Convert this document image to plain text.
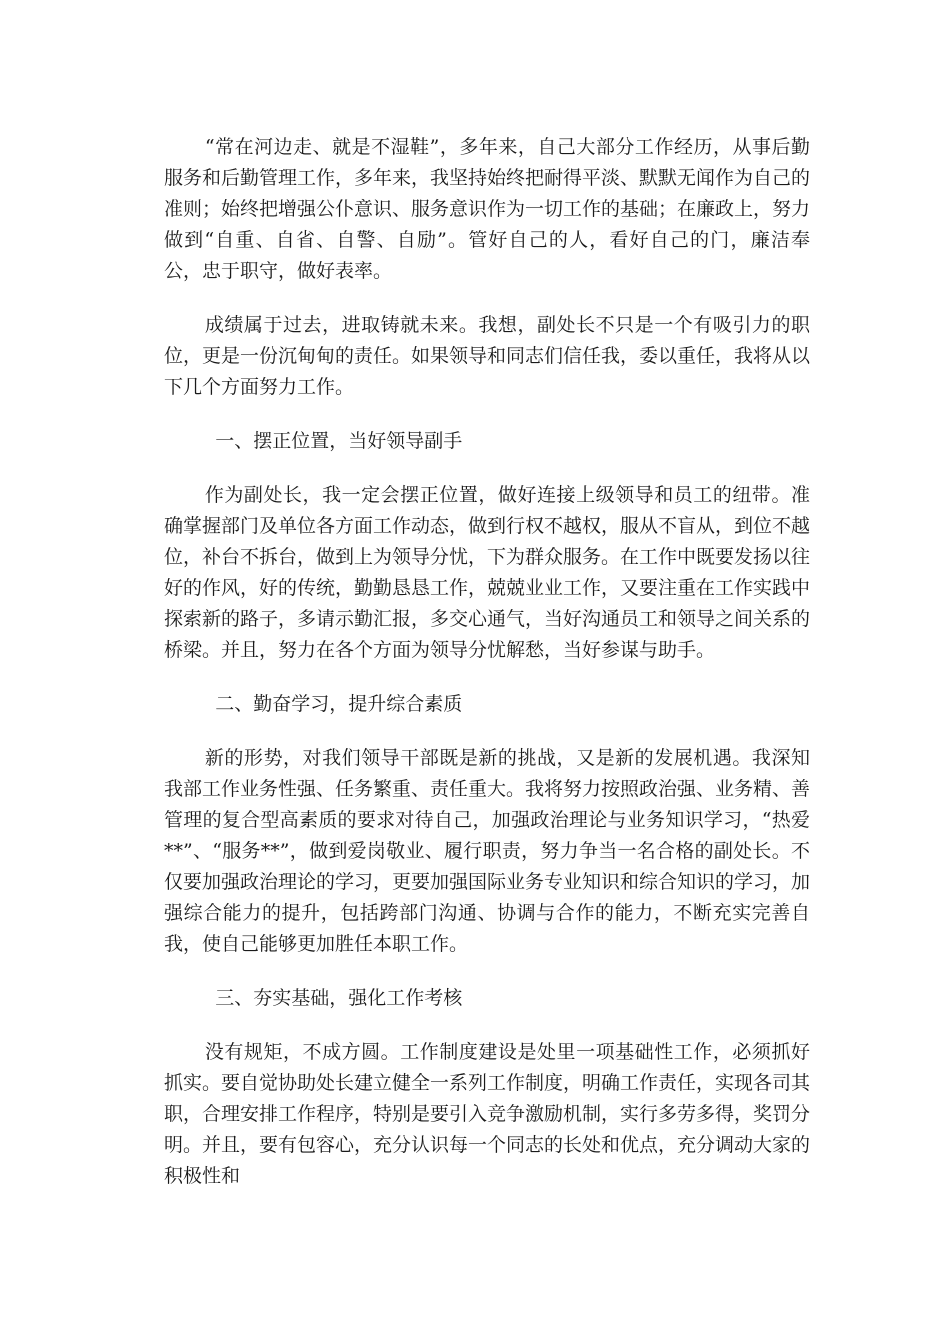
“常在河边走、就是不湿鞋”，多年来，自己大部分工作经历，从事后勤服务和后勤管理工作，多年来，我坚持始终把耐得平淡、默默无闻作为自己的准则；始终把增强公仆意识、服务意识作为一切工作的基础；在廉政上，努力做到“自重、自省、自警、自励”。管好自己的人，看好自己的门，廉洁奉公，忠于职守，做好表率。

成绩属于过去，进取铸就未来。我想，副处长不只是一个有吸引力的职位，更是一份沉甸甸的责任。如果领导和同志们信任我，委以重任，我将从以下几个方面努力工作。

一、摆正位置，当好领导副手

作为副处长，我一定会摆正位置，做好连接上级领导和员工的纽带。准确掌握部门及单位各方面工作动态，做到行权不越权，服从不盲从，到位不越位，补台不拆台，做到上为领导分忧，下为群众服务。在工作中既要发扬以往好的作风，好的传统，勤勤恳恳工作，兢兢业业工作，又要注重在工作实践中探索新的路子，多请示勤汇报，多交心通气，当好沟通员工和领导之间关系的桥梁。并且，努力在各个方面为领导分忧解愁，当好参谋与助手。

二、勤奋学习，提升综合素质

新的形势，对我们领导干部既是新的挑战，又是新的发展机遇。我深知我部工作业务性强、任务繁重、责任重大。我将努力按照政治强、业务精、善管理的复合型高素质的要求对待自己，加强政治理论与业务知识学习，“热爱**”、“服务**”，做到爱岗敬业、履行职责，努力争当一名合格的副处长。不仅要加强政治理论的学习，更要加强国际业务专业知识和综合知识的学习，加强综合能力的提升，包括跨部门沟通、协调与合作的能力，不断充实完善自我，使自己能够更加胜任本职工作。

三、夯实基础，强化工作考核

没有规矩，不成方圆。工作制度建设是处里一项基础性工作，必须抓好抓实。要自觉协助处长建立健全一系列工作制度，明确工作责任，实现各司其职，合理安排工作程序，特别是要引入竞争激励机制，实行多劳多得，奖罚分明。并且，要有包容心，充分认识每一个同志的长处和优点，充分调动大家的积极性和
